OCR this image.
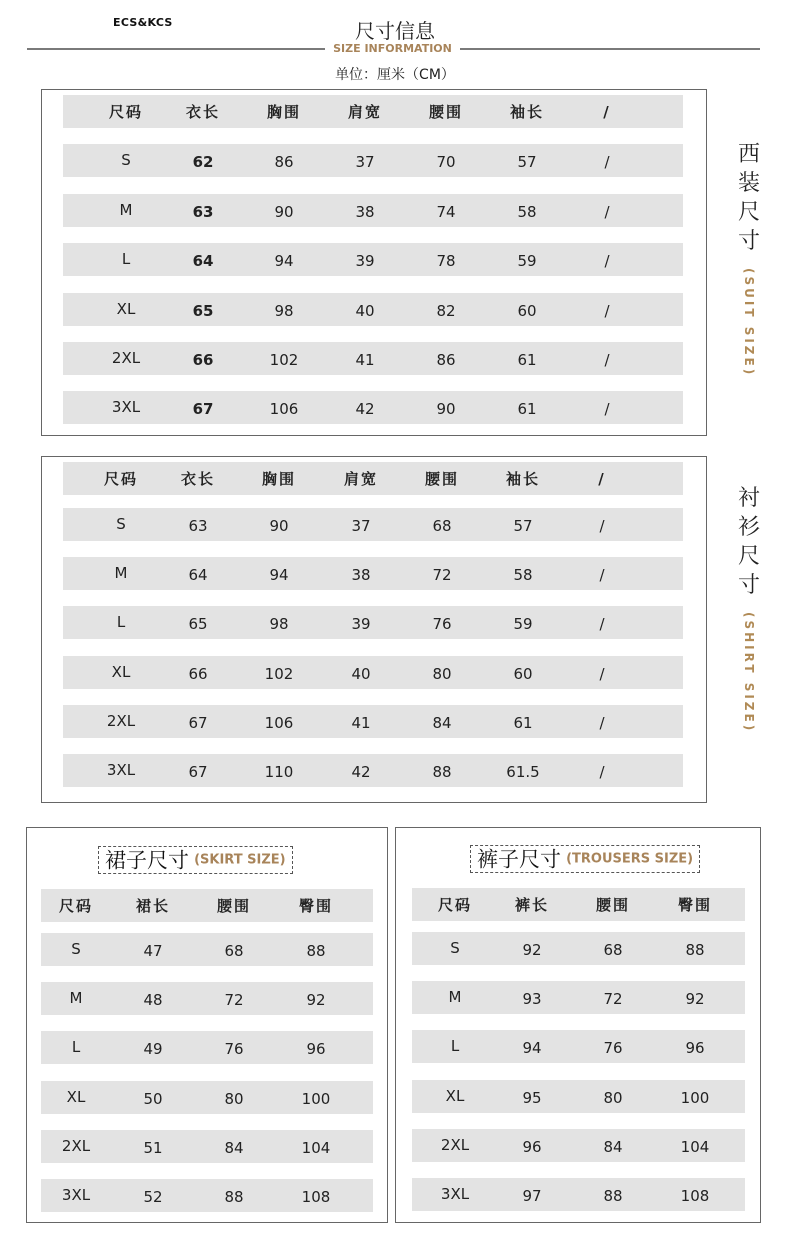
ECS&KCS	尺寸信息
SIZE INFORMATION
单位：厘米（CM）
西
装
尺
寸
(SUIT SIZE)
衬
衫
尺
寸
(SHIRT SIZE)
裙子尺寸 (SKIRT SIZE)	裤子尺寸 (TROUSERS SIZE)
尺码	衣长	胸围	肩宽	腰围	袖长	/
S	62	86	37	70	57	/
M	63	90	38	74	58	/
L	64	94	39	78	59	/
XL	65	98	40	82	60	/
2XL	66	102	41	86	61	/
3XL	67	106	42	90	61	/
尺码	衣长	胸围	肩宽	腰围	袖长	/
S	63	90	37	68	57	/
M	64	94	38	72	58	/
L	65	98	39	76	59	/
XL	66	102	40	80	60	/
2XL	67	106	41	84	61	/
3XL	67	110	42	88	61.5	/
尺码	裙长	腰围	臀围
S	47	68	88
M	48	72	92
L	49	76	96
XL	50	80	100
2XL	51	84	104
3XL	52	88	108
尺码	裤长	腰围	臀围
S	92	68	88
M	93	72	92
L	94	76	96
XL	95	80	100
2XL	96	84	104
3XL	97	88	108
